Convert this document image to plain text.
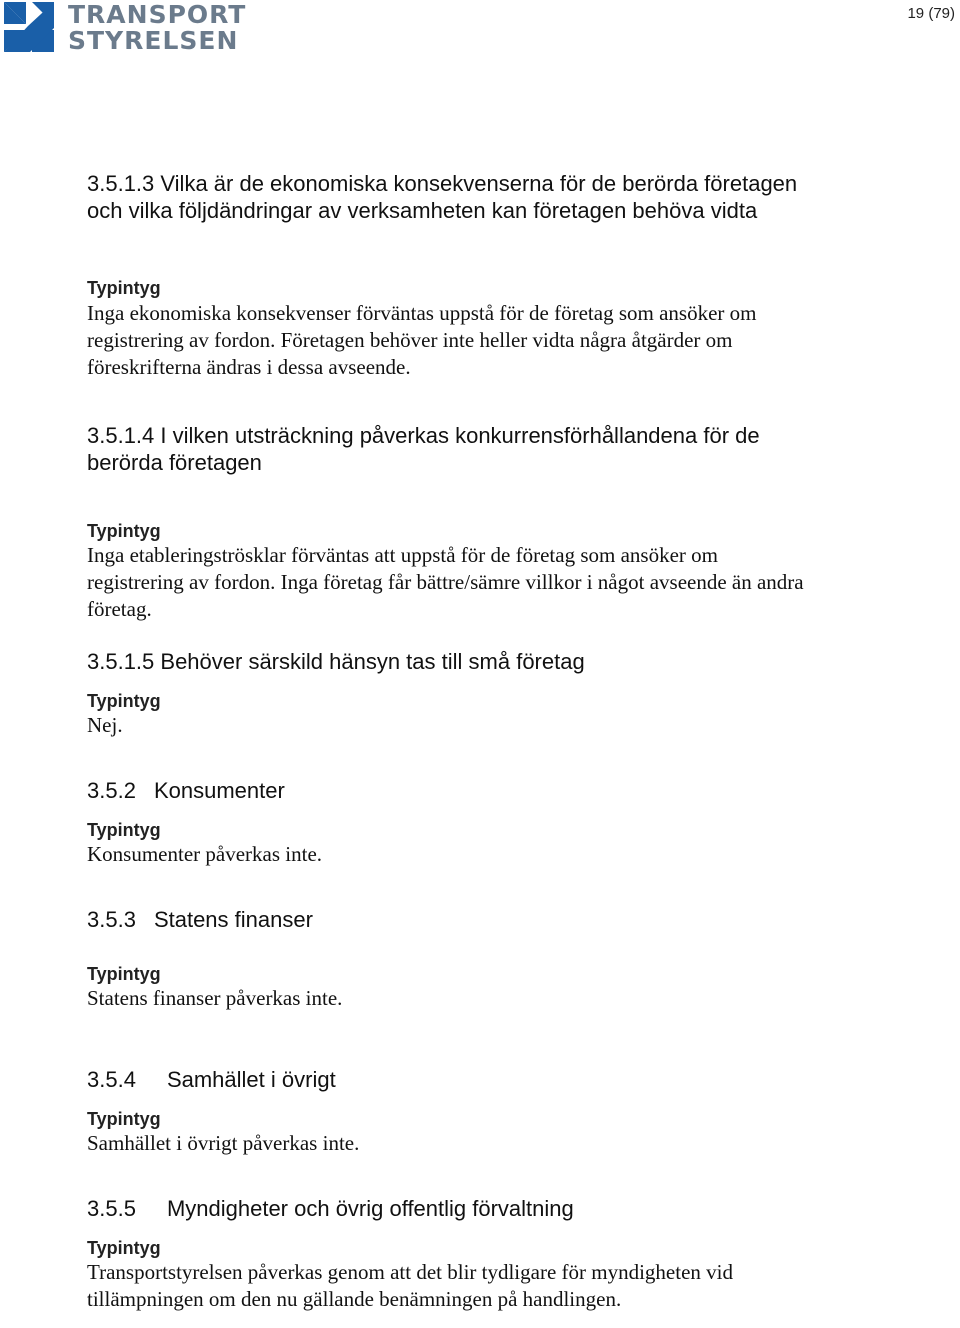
TRANSPORT
STYRELSEN
19 (79)
3.5.1.3 Vilka är de ekonomiska konsekvenserna för de berörda företagen och vilka följdändringar av verksamheten kan företagen behöva vidta

Typintyg

Inga ekonomiska konsekvenser förväntas uppstå för de företag som ansöker om registrering av fordon. Företagen behöver inte heller vidta några åtgärder om föreskrifterna ändras i dessa avseende.

3.5.1.4 I vilken utsträckning påverkas konkurrensförhållandena för de berörda företagen

Typintyg

Inga etableringströsklar förväntas att uppstå för de företag som ansöker om registrering av fordon. Inga företag får bättre/sämre villkor i något avseende än andra företag.

3.5.1.5 Behöver särskild hänsyn tas till små företag

Typintyg

Nej.

3.5.2 Konsumenter

Typintyg

Konsumenter påverkas inte.

3.5.3 Statens finanser

Typintyg

Statens finanser påverkas inte.

3.5.4 Samhället i övrigt

Typintyg

Samhället i övrigt påverkas inte.

3.5.5 Myndigheter och övrig offentlig förvaltning

Typintyg

Transportstyrelsen påverkas genom att det blir tydligare för myndigheten vid tillämpningen om den nu gällande benämningen på handlingen.
